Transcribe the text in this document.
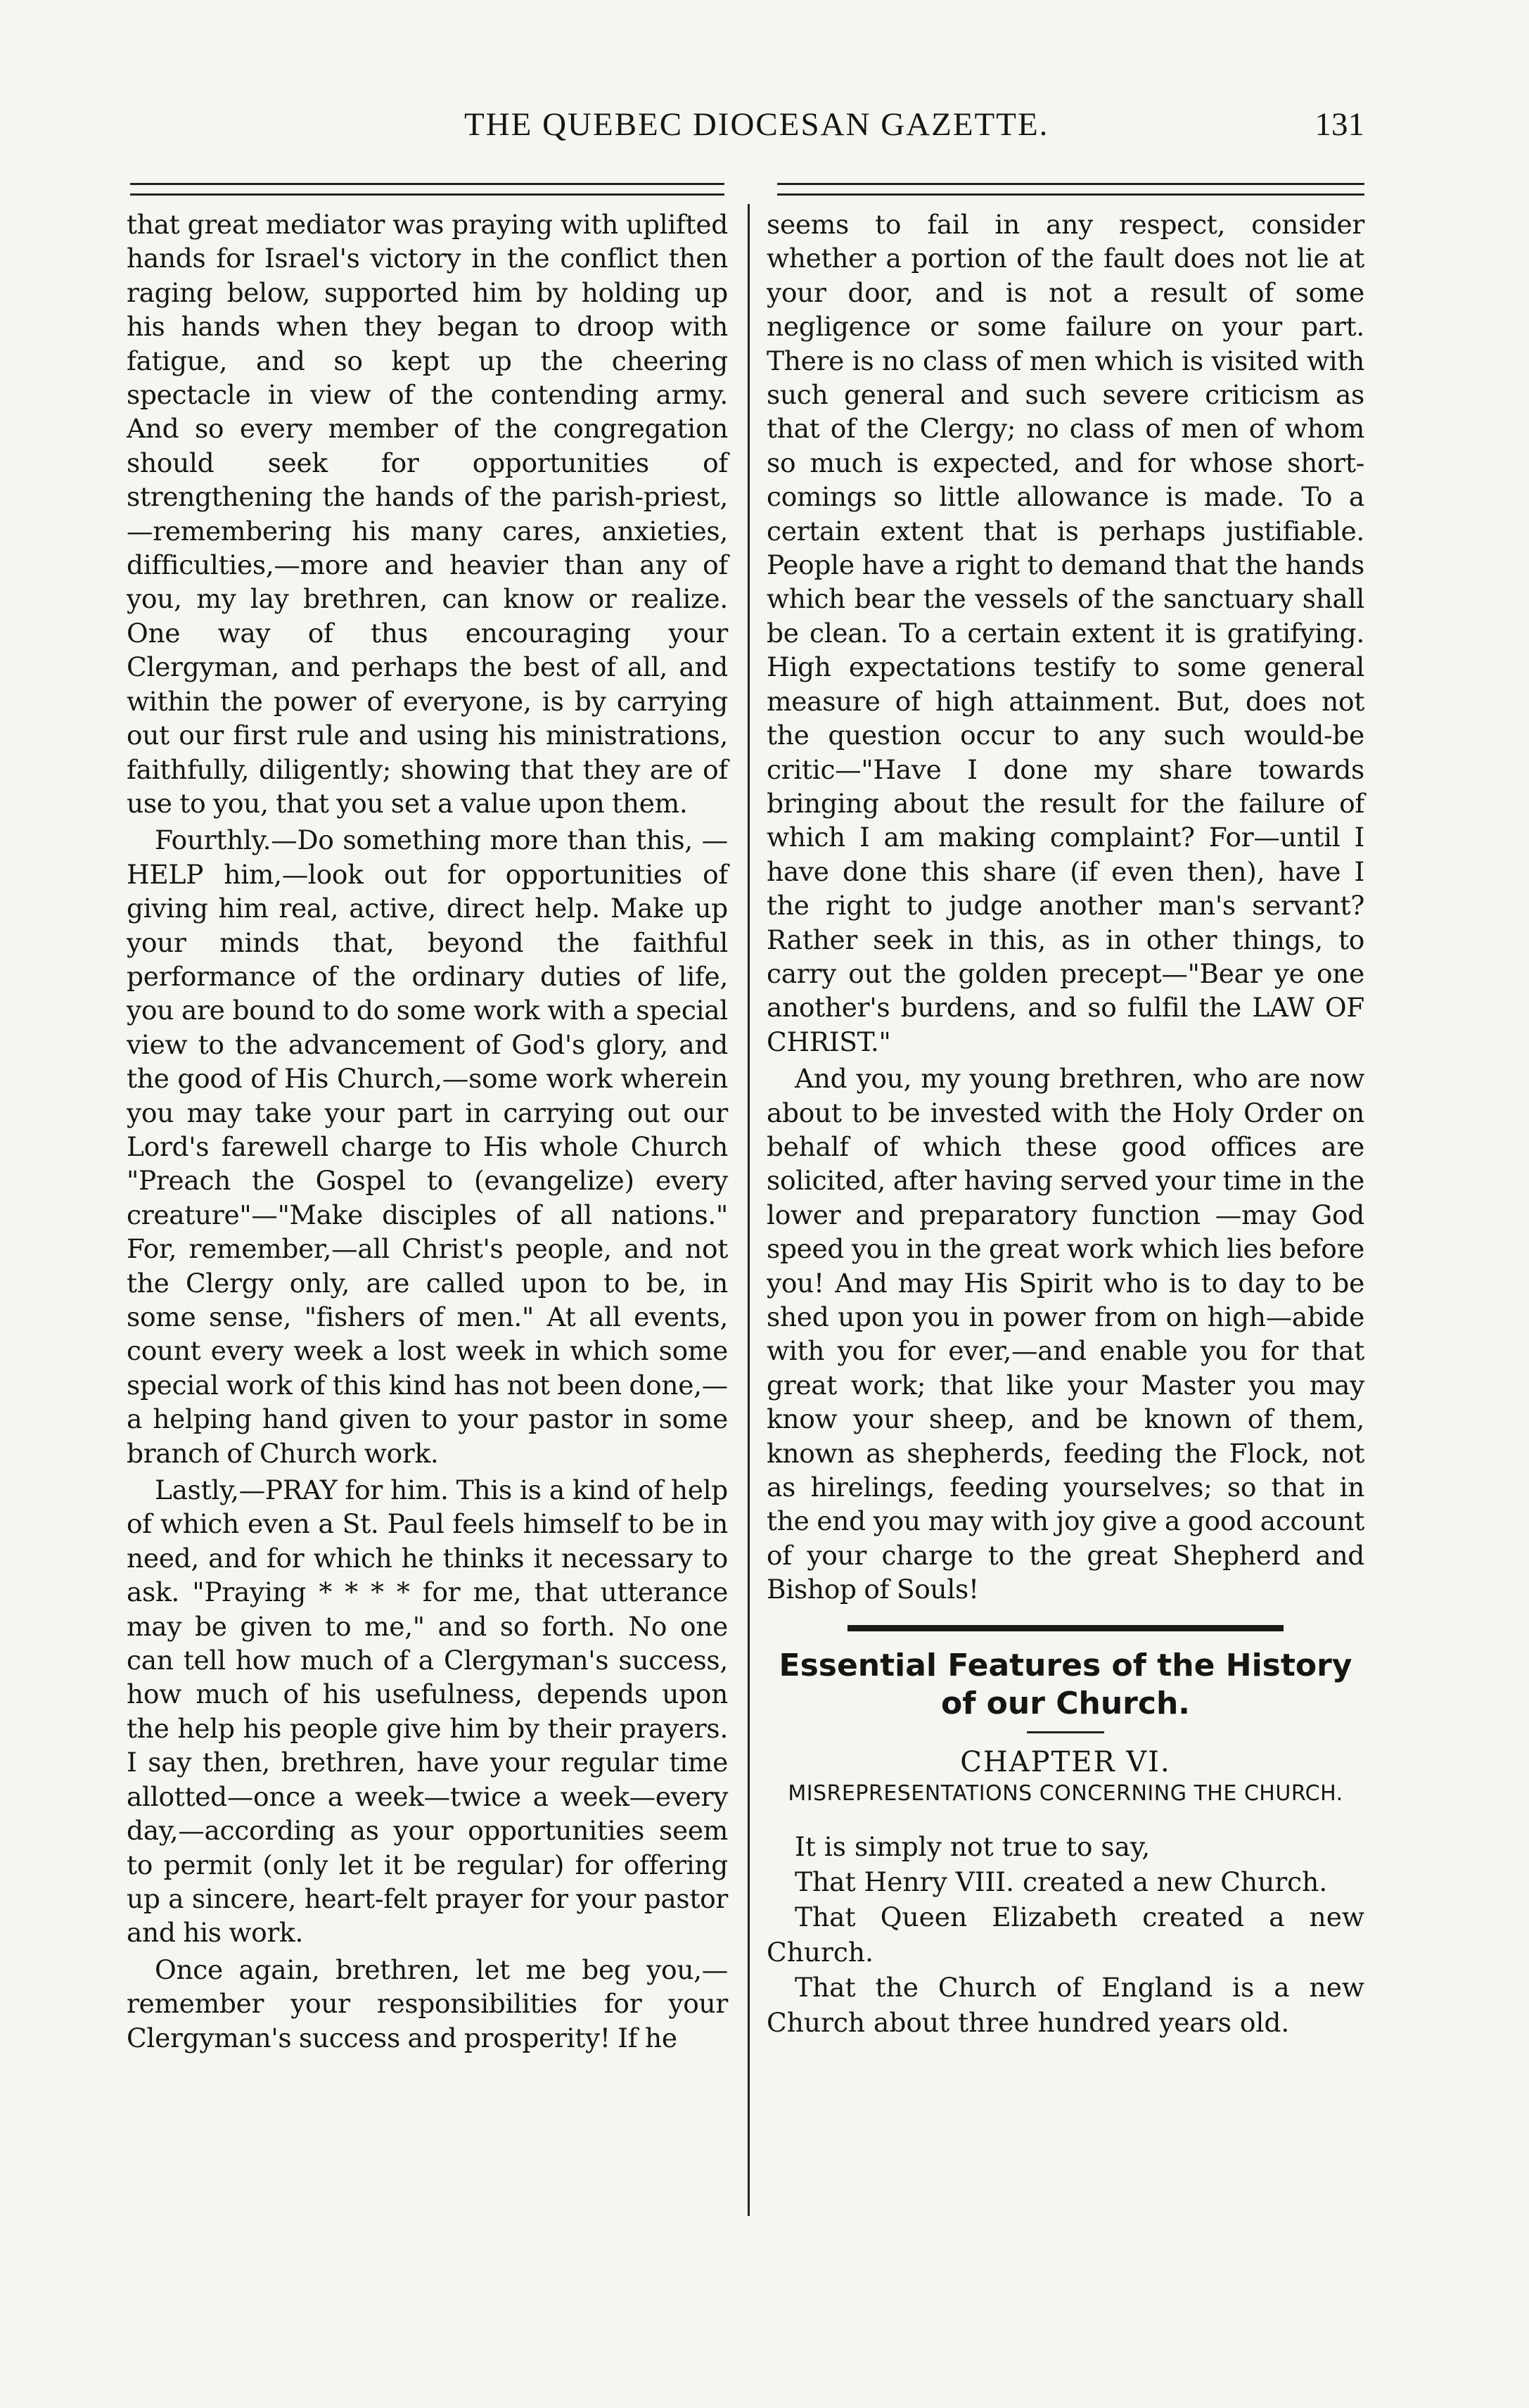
THE QUEBEC DIOCESAN GAZETTE.	131

that great mediator was praying with uplifted hands for Israel's victory in the conflict then raging below, supported him by holding up his hands when they began to droop with fatigue, and so kept up the cheering spectacle in view of the contending army. And so every member of the congregation should seek for opportunities of strengthening the hands of the parish-priest,—remembering his many cares, anxieties, difficulties,—more and heavier than any of you, my lay brethren, can know or realize. One way of thus encouraging your Clergyman, and perhaps the best of all, and within the power of everyone, is by carrying out our first rule and using his ministrations, faithfully, diligently; showing that they are of use to you, that you set a value upon them.

Fourthly.—Do something more than this, —HELP him,—look out for opportunities of giving him real, active, direct help. Make up your minds that, beyond the faithful performance of the ordinary duties of life, you are bound to do some work with a special view to the advancement of God's glory, and the good of His Church,—some work wherein you may take your part in carrying out our Lord's farewell charge to His whole Church "Preach the Gospel to (evangelize) every creature"—"Make disciples of all nations." For, remember,—all Christ's people, and not the Clergy only, are called upon to be, in some sense, "fishers of men." At all events, count every week a lost week in which some special work of this kind has not been done,—a helping hand given to your pastor in some branch of Church work.

Lastly,—PRAY for him. This is a kind of help of which even a St. Paul feels himself to be in need, and for which he thinks it necessary to ask. "Praying * * * * for me, that utterance may be given to me," and so forth. No one can tell how much of a Clergyman's success, how much of his usefulness, depends upon the help his people give him by their prayers. I say then, brethren, have your regular time allotted—once a week—twice a week—every day,—according as your opportunities seem to permit (only let it be regular) for offering up a sincere, heart-felt prayer for your pastor and his work.

Once again, brethren, let me beg you,—remember your responsibilities for your Clergyman's success and prosperity! If he

seems to fail in any respect, consider whether a portion of the fault does not lie at your door, and is not a result of some negligence or some failure on your part. There is no class of men which is visited with such general and such severe criticism as that of the Clergy; no class of men of whom so much is expected, and for whose short-comings so little allowance is made. To a certain extent that is perhaps justifiable. People have a right to demand that the hands which bear the vessels of the sanctuary shall be clean. To a certain extent it is gratifying. High expectations testify to some general measure of high attainment. But, does not the question occur to any such would-be critic—"Have I done my share towards bringing about the result for the failure of which I am making complaint? For—until I have done this share (if even then), have I the right to judge another man's servant? Rather seek in this, as in other things, to carry out the golden precept—"Bear ye one another's burdens, and so fulfil the LAW OF CHRIST."

And you, my young brethren, who are now about to be invested with the Holy Order on behalf of which these good offices are solicited, after having served your time in the lower and preparatory function —may God speed you in the great work which lies before you! And may His Spirit who is to day to be shed upon you in power from on high—abide with you for ever,—and enable you for that great work; that like your Master you may know your sheep, and be known of them, known as shepherds, feeding the Flock, not as hirelings, feeding yourselves; so that in the end you may with joy give a good account of your charge to the great Shepherd and Bishop of Souls!

Essential Features of the History of our Church.

CHAPTER VI.

MISREPRESENTATIONS CONCERNING THE CHURCH.

It is simply not true to say,

That Henry VIII. created a new Church.

That Queen Elizabeth created a new Church.

That the Church of England is a new Church about three hundred years old.
